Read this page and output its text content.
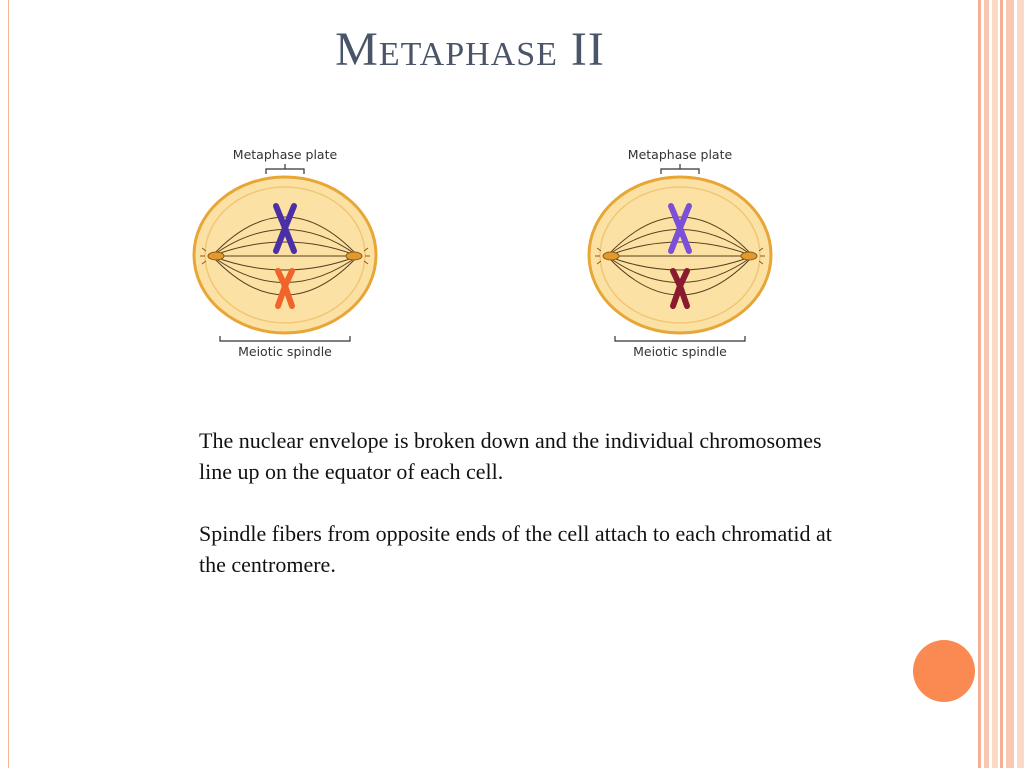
Metaphase II
Metaphase plate
Meiotic spindle
Metaphase plate
Meiotic spindle

The nuclear envelope is broken down and the individual chromosomes line up on the equator of each cell.

Spindle fibers from opposite ends of the cell attach to each chromatid at the centromere.
